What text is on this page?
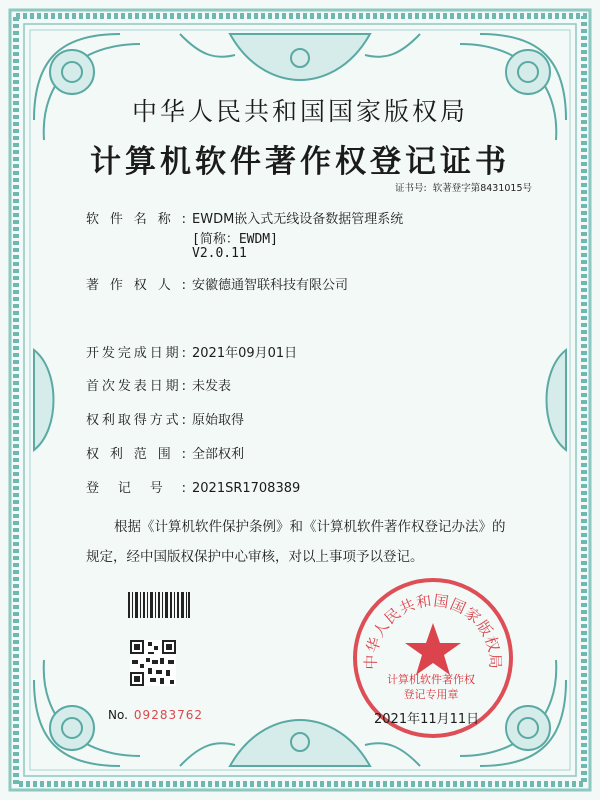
中华人民共和国国家版权局
计算机软件著作权登记证书
证书号: 软著登字第8431015号
软件名称: EWDM嵌入式无线设备数据管理系统
[简称：EWDM]
V2.0.11
著作权人: 安徽德通智联科技有限公司
开发完成日期: 2021年09月01日
首次发表日期: 未发表
权利取得方式: 原始取得
权利范围: 全部权利
登记号: 2021SR1708389
根据《计算机软件保护条例》和《计算机软件著作权登记办法》的
规定，经中国版权保护中心审核，对以上事项予以登记。
No. 09283762
中华人民共和国国家版权局
计算机软件著作权
登记专用章
2021年11月11日
